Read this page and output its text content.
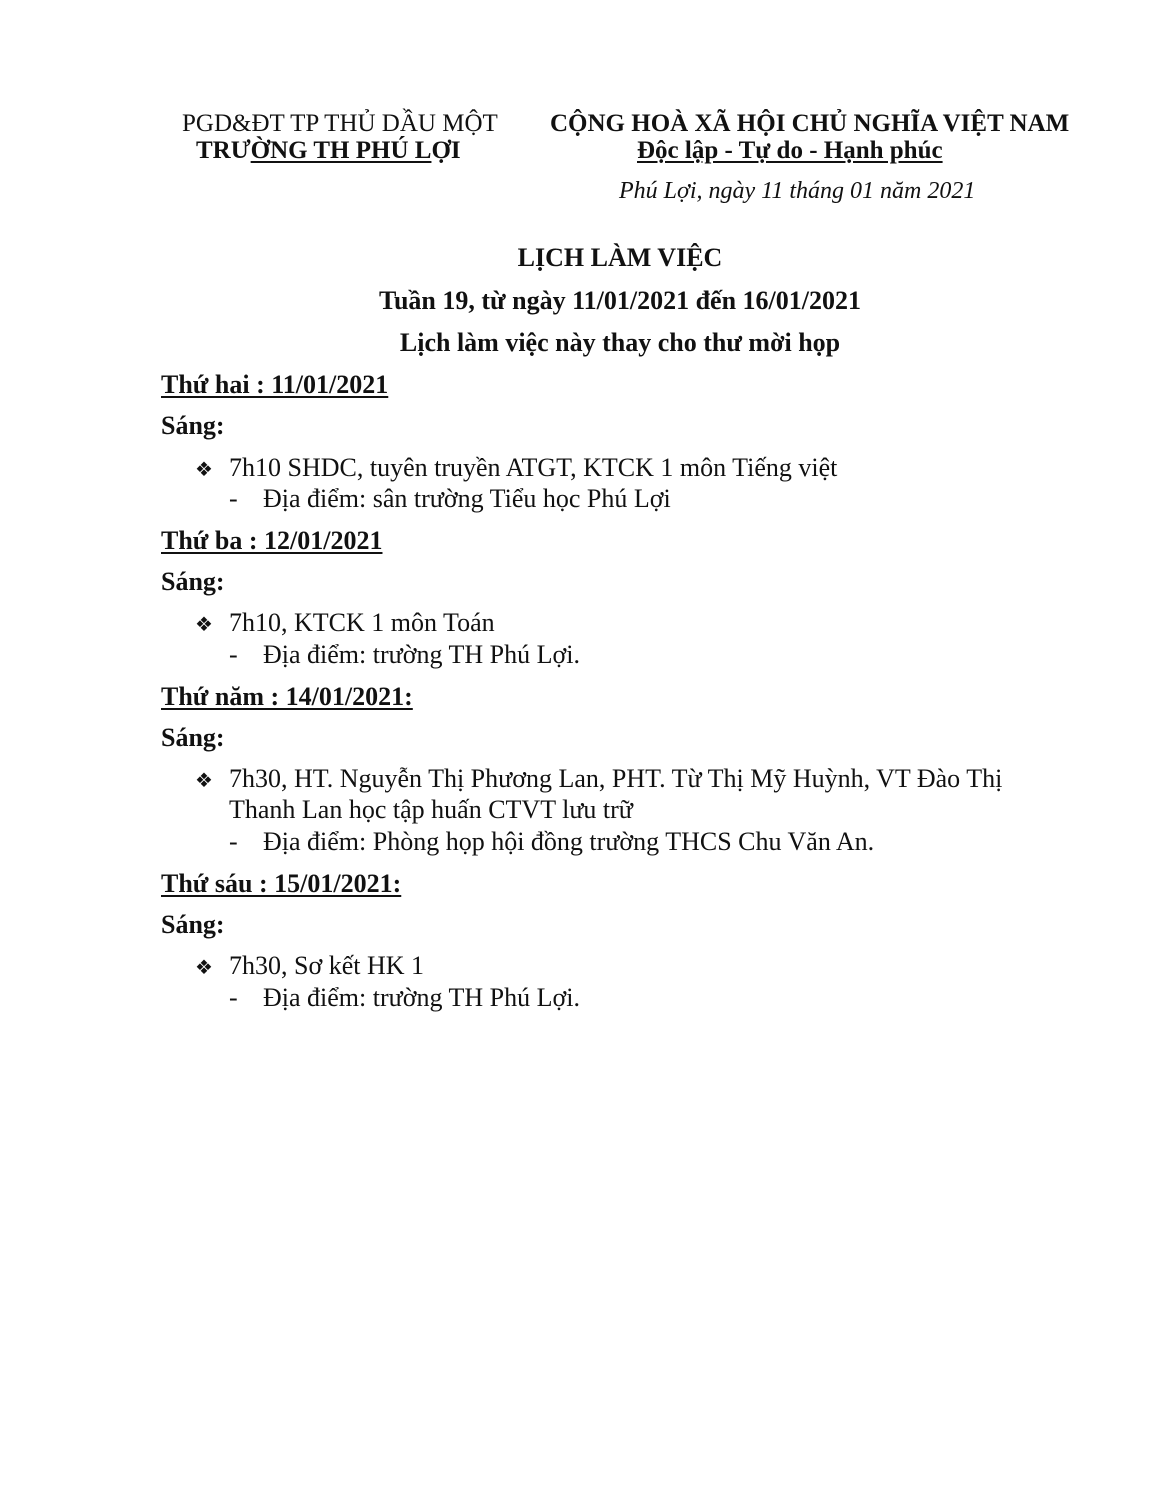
PGD&ĐT TP THỦ DẦU MỘT
TRƯỜNG TH PHÚ LỢI
CỘNG HOÀ XÃ HỘI CHỦ NGHĨA VIỆT NAM
Độc lập - Tự do - Hạnh phúc
Phú Lợi, ngày 11 tháng 01 năm 2021
LỊCH LÀM VIỆC
Tuần 19, từ ngày 11/01/2021 đến 16/01/2021
Lịch làm việc này thay cho thư mời họp
Thứ hai : 11/01/2021
Sáng:
❖ 7h10 SHDC, tuyên truyền ATGT, KTCK 1 môn Tiếng việt
- Địa điểm: sân trường Tiểu học Phú Lợi
Thứ ba : 12/01/2021
Sáng:
❖ 7h10, KTCK 1 môn Toán
- Địa điểm: trường TH Phú Lợi.
Thứ năm : 14/01/2021:
Sáng:
❖ 7h30, HT. Nguyễn Thị Phương Lan, PHT. Từ Thị Mỹ Huỳnh, VT Đào Thị
Thanh Lan học tập huấn CTVT lưu trữ
- Địa điểm: Phòng họp hội đồng trường THCS Chu Văn An.
Thứ sáu : 15/01/2021:
Sáng:
❖ 7h30, Sơ kết HK 1
- Địa điểm: trường TH Phú Lợi.
